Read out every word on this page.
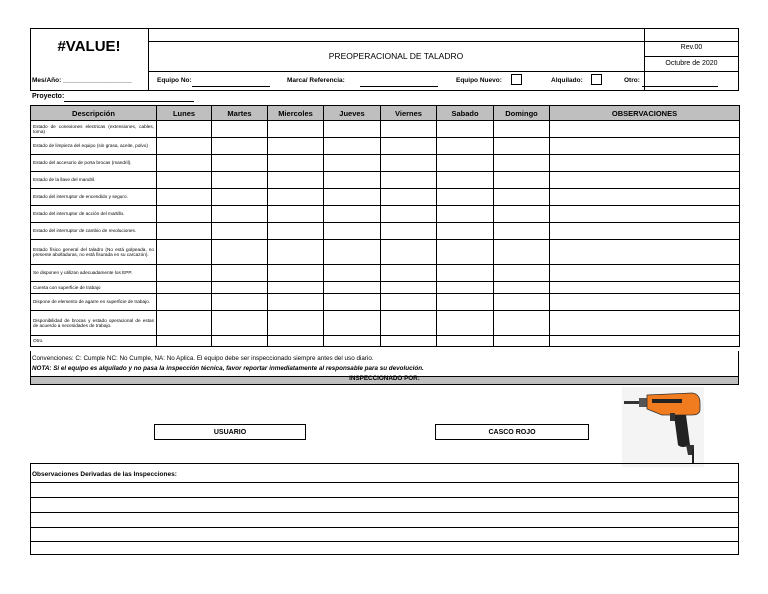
#VALUE!
PREOPERACIONAL DE TALADRO
Rev.00
Octubre de 2020
Mes/Año: ___________________	Equipo No:	Marca/ Referencia:	Equipo Nuevo:	Alquilado:	Otro:
Proyecto:
Descripción	Lunes	Martes	Miercoles	Jueves	Viernes	Sabado	Domingo	OBSERVACIONES
Estado de conexiones electricas (extensiones, cables, toma)
Estado de limpieza del equipo (sin grasa, aceite, polvo)
Estado del accesorio de porta brocas (mandril).
Estado de la llave del mandril.
Estado del interruptor de encendido y seguro.
Estado del interruptor de acción del martillo.
Estado del interruptor de cambio de revoluciones.
Estado físico general del taladro (No está golpeada, no presente abolladuras, no está fisurada en su carcazón).
Se disponen y utilizan adecuadamente los EPP.
Cuenta con superficie de trabajo
Dispone de elemento de agarre en superficie de trabajo.
Disponibilidad de brocas y estado operacional de estas de acuerdo a necesidades de trabajo.
Otro.
Convenciones: C: Cumple NC: No Cumple, NA: No Aplica. El equipo debe ser inspeccionado siempre antes del uso diario.
NOTA: Si el equipo es alquilado y no pasa la inspección técnica, favor reportar inmediatamente al responsable para su devolución.
INSPECCIONADO POR:
USUARIO	CASCO ROJO
Observaciones Derivadas de las Inspecciones:
